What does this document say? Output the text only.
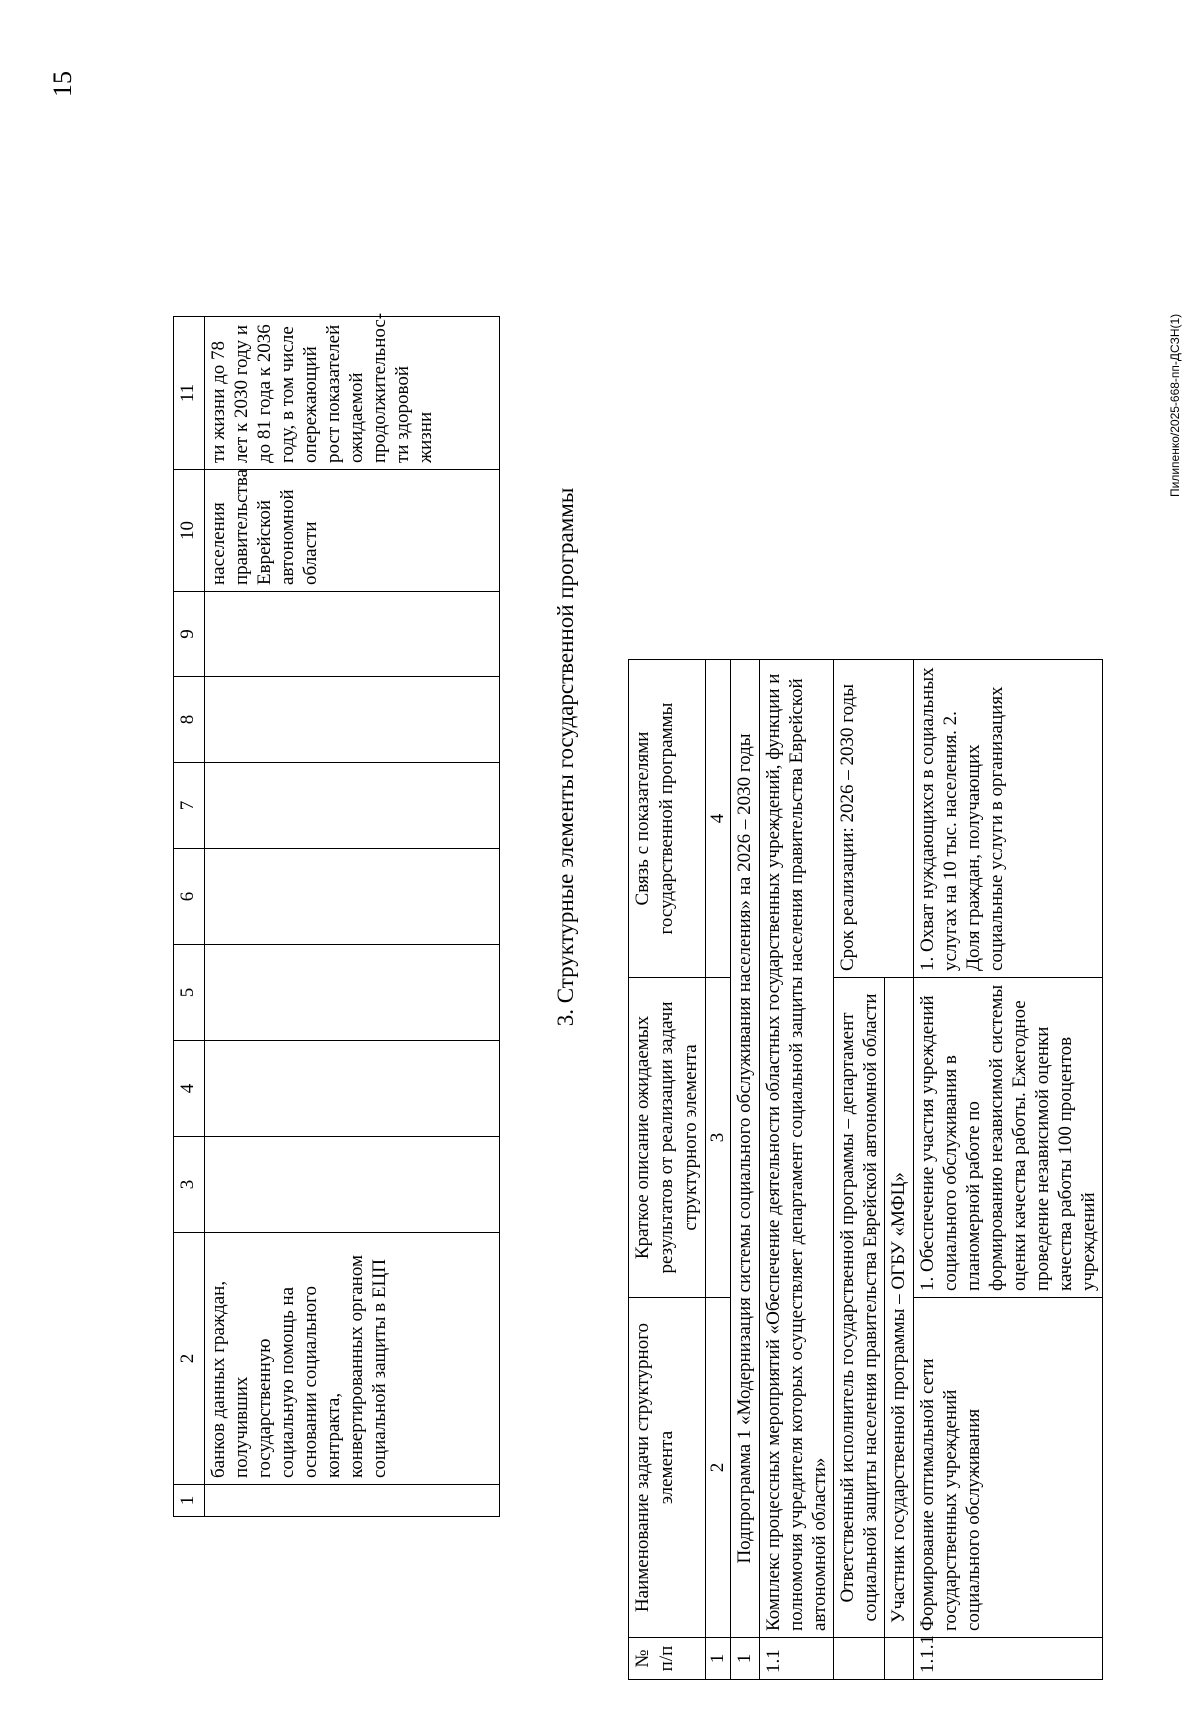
15
1	2	3	4	5	6	7	8	9	10	11
	банков данных граждан, получивших государственную социальную помощь на основании социального контракта, конвертированных органом социальной защиты в ЕЦП								населения правительства Еврейской автономной области	ти жизни до 78 лет к 2030 году и до 81 года к 2036 году, в том числе опережающий рост показателей ожидаемой продолжительнос-ти здоровой жизни
3. Структурные элементы государственной программы
№ п/п	Наименование задачи структурного элемента	Краткое описание ожидаемых результатов от реализации задачи структурного элемента	Связь с показателями государственной программы
1	2	3	4
1	Подпрограмма 1 «Модернизация системы социального обслуживания населения» на 2026 – 2030 годы		
1.1	Комплекс процессных мероприятий «Обеспечение деятельности областных государственных учреждений, функции и полномочия учредителя которых осуществляет департамент социальной защиты населения правительства Еврейской автономной области»		
	Ответственный исполнитель государственной программы – департамент социальной защиты населения правительства Еврейской автономной области		Срок реализации: 2026 – 2030 годы
	Участник государственной программы – ОГБУ «МФЦ»		
1.1.1	Формирование оптимальной сети государственных учреждений социального обслуживания	1. Обеспечение участия учреждений социального обслуживания в планомерной работе по формированию независимой системы оценки качества работы. Ежегодное проведение независимой оценки качества работы 100 процентов учреждений	1. Охват нуждающихся в социальных услугах на 10 тыс. населения. 2. Доля граждан, получающих социальные услуги в организациях
Пилипенко/2025-668-пп-ДСЗН(1)
